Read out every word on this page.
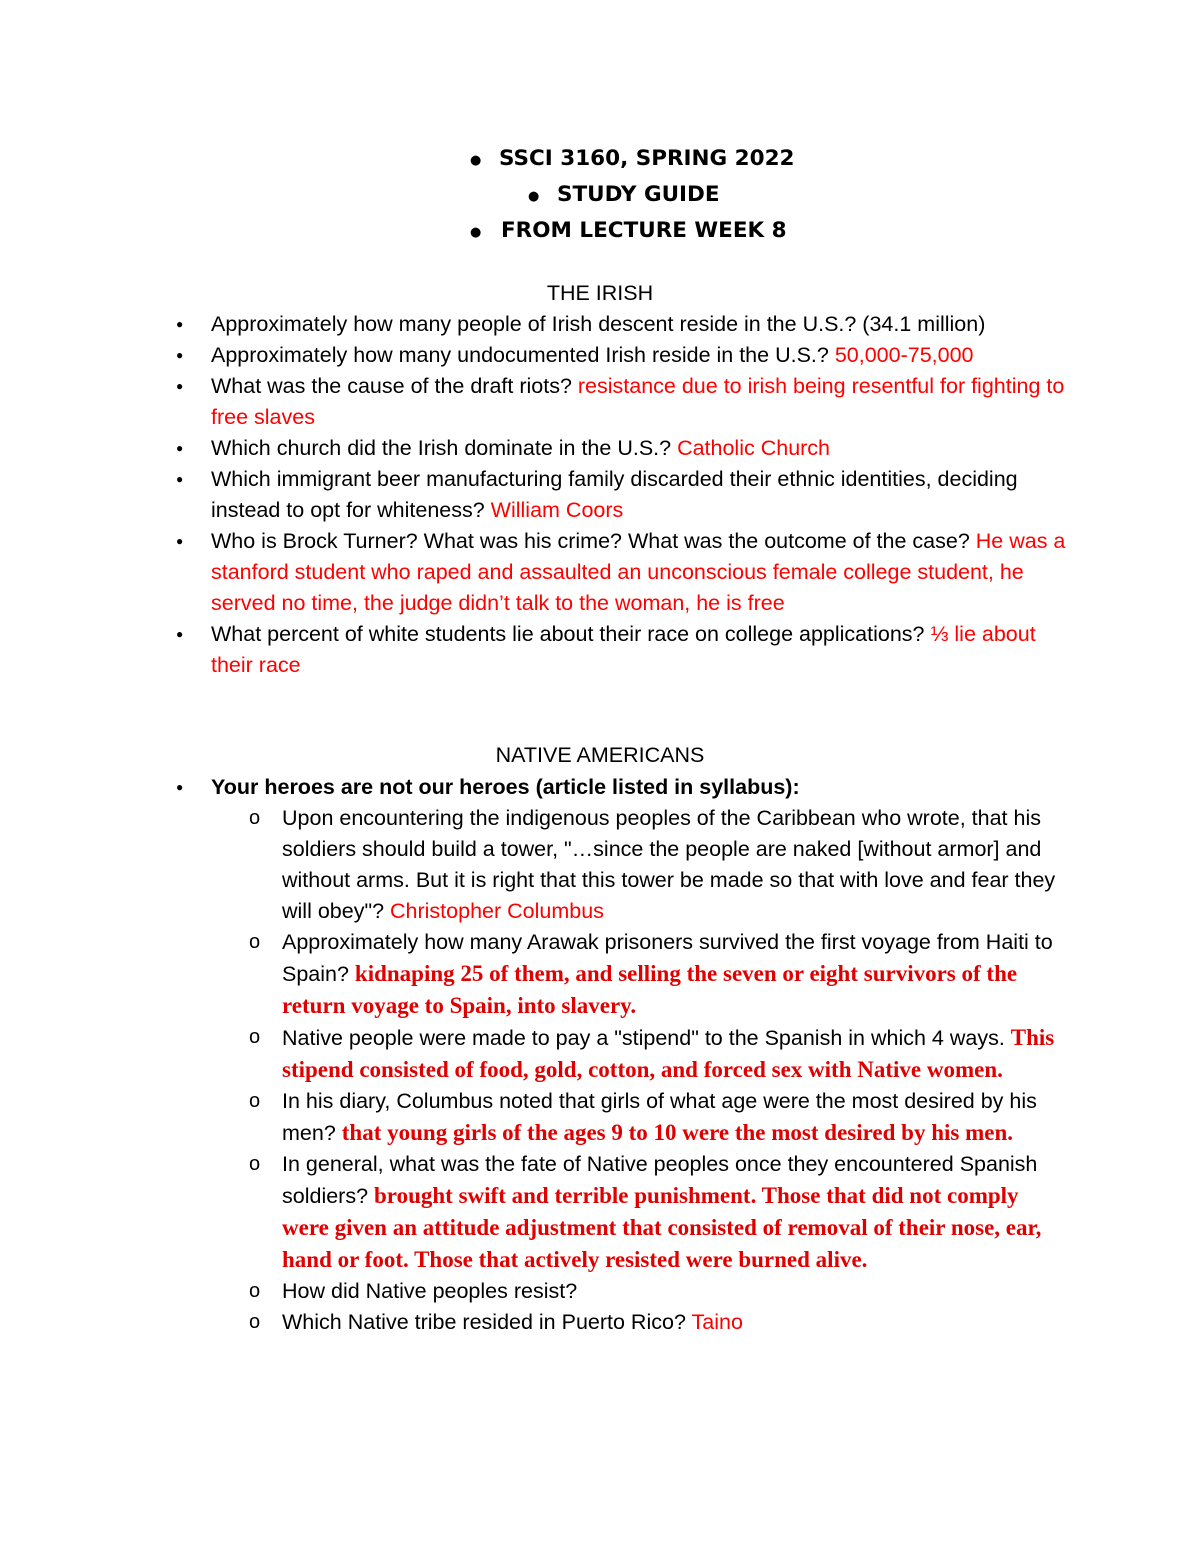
● SSCI 3160, SPRING 2022
● STUDY GUIDE
● FROM LECTURE WEEK 8
THE IRISH
● Approximately how many people of Irish descent reside in the U.S.? (34.1 million)
● Approximately how many undocumented Irish reside in the U.S.? 50,000-75,000
● What was the cause of the draft riots? resistance due to irish being resentful for fighting to free slaves
● Which church did the Irish dominate in the U.S.? Catholic Church
● Which immigrant beer manufacturing family discarded their ethnic identities, deciding instead to opt for whiteness? William Coors
● Who is Brock Turner? What was his crime? What was the outcome of the case? He was a stanford student who raped and assaulted an unconscious female college student, he served no time, the judge didn’t talk to the woman, he is free
● What percent of white students lie about their race on college applications? ⅓ lie about their race
NATIVE AMERICANS
● Your heroes are not our heroes (article listed in syllabus):
o Upon encountering the indigenous peoples of the Caribbean who wrote, that his soldiers should build a tower, "…since the people are naked [without armor] and without arms. But it is right that this tower be made so that with love and fear they will obey"? Christopher Columbus
o Approximately how many Arawak prisoners survived the first voyage from Haiti to Spain? kidnaping 25 of them, and selling the seven or eight survivors of the return voyage to Spain, into slavery.
o Native people were made to pay a "stipend" to the Spanish in which 4 ways. This stipend consisted of food, gold, cotton, and forced sex with Native women.
o In his diary, Columbus noted that girls of what age were the most desired by his men? that young girls of the ages 9 to 10 were the most desired by his men.
o In general, what was the fate of Native peoples once they encountered Spanish soldiers? brought swift and terrible punishment. Those that did not comply were given an attitude adjustment that consisted of removal of their nose, ear, hand or foot. Those that actively resisted were burned alive.
o How did Native peoples resist?
o Which Native tribe resided in Puerto Rico? Taino
